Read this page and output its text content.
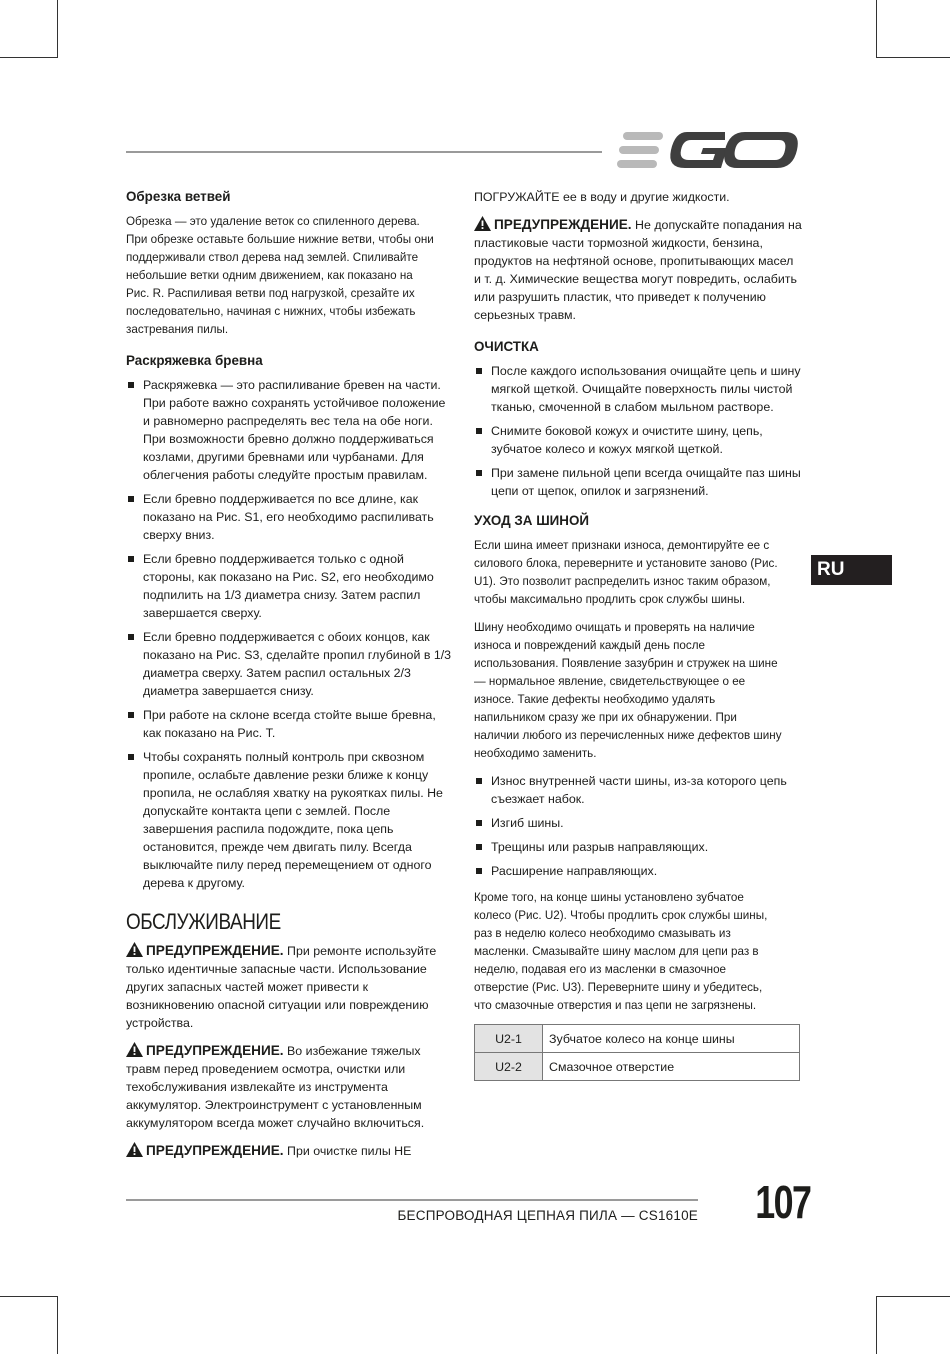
RU
Обрезка ветвей

Обрезка — это удаление веток со спиленного дерева. При обрезке оставьте большие нижние ветви, чтобы они поддерживали ствол дерева над землей. Спиливайте небольшие ветки одним движением, как показано на Рис. R. Распиливая ветви под нагрузкой, срезайте их последовательно, начиная с нижних, чтобы избежать застревания пилы.

Раскряжевка бревна
Раскряжевка — это распиливание бревен на части. При работе важно сохранять устойчивое положение и равномерно распределять вес тела на обе ноги. При возможности бревно должно поддерживаться козлами, другими бревнами или чурбанами. Для облегчения работы следуйте простым правилам.
Если бревно поддерживается по все длине, как показано на Рис. S1, его необходимо распиливать сверху вниз.
Если бревно поддерживается только с одной стороны, как показано на Рис. S2, его необходимо подпилить на 1/3 диаметра снизу. Затем распил завершается сверху.
Если бревно поддерживается с обоих концов, как показано на Рис. S3, сделайте пропил глубиной в 1/3 диаметра сверху. Затем распил остальных 2/3 диаметра завершается снизу.
При работе на склоне всегда стойте выше бревна, как показано на Рис. T.
Чтобы сохранять полный контроль при сквозном пропиле, ослабьте давление резки ближе к концу пропила, не ослабляя хватку на рукоятках пилы. Не допускайте контакта цепи с землей. После завершения распила подождите, пока цепь остановится, прежде чем двигать пилу. Всегда выключайте пилу перед перемещением от одного дерева к другому.
ОБСЛУЖИВАНИЕ

ПРЕДУПРЕЖДЕНИЕ. При ремонте используйте только идентичные запасные части. Использование других запасных частей может привести к возникновению опасной ситуации или повреждению устройства.

ПРЕДУПРЕЖДЕНИЕ. Во избежание тяжелых травм перед проведением осмотра, очистки или техобслуживания извлекайте из инструмента аккумулятор. Электроинструмент с установленным аккумулятором всегда может случайно включиться.

ПРЕДУПРЕЖДЕНИЕ. При очистке пилы НЕ

ПОГРУЖАЙТЕ ее в воду и другие жидкости.

ПРЕДУПРЕЖДЕНИЕ. Не допускайте попадания на пластиковые части тормозной жидкости, бензина, продуктов на нефтяной основе, пропитывающих масел и т. д. Химические вещества могут повредить, ослабить или разрушить пластик, что приведет к получению серьезных травм.

ОЧИСТКА
После каждого использования очищайте цепь и шину мягкой щеткой. Очищайте поверхность пилы чистой тканью, смоченной в слабом мыльном растворе.
Снимите боковой кожух и очистите шину, цепь, зубчатое колесо и кожух мягкой щеткой.
При замене пильной цепи всегда очищайте паз шины цепи от щепок, опилок и загрязнений.
УХОД ЗА ШИНОЙ

Если шина имеет признаки износа, демонтируйте ее с силового блока, переверните и установите заново (Рис. U1). Это позволит распределить износ таким образом, чтобы максимально продлить срок службы шины.

Шину необходимо очищать и проверять на наличие износа и повреждений каждый день после использования. Появление зазубрин и стружек на шине — нормальное явление, свидетельствующее о ее износе. Такие дефекты необходимо удалять напильником сразу же при их обнаружении. При наличии любого из перечисленных ниже дефектов шину необходимо заменить.

Износ внутренней части шины, из-за которого цепь съезжает набок.
Изгиб шины.
Трещины или разрыв направляющих.
Расширение направляющих.

Кроме того, на конце шины установлено зубчатое колесо (Рис. U2). Чтобы продлить срок службы шины, раз в неделю колесо необходимо смазывать из масленки. Смазывайте шину маслом для цепи раз в неделю, подавая его из масленки в смазочное отверстие (Рис. U3). Переверните шину и убедитесь, что смазочные отверстия и паз цепи не загрязнены.

U2-1	Зубчатое колесо на конце шины
U2-2	Смазочное отверстие
БЕСПРОВОДНАЯ ЦЕПНАЯ ПИЛА — CS1610E 107
